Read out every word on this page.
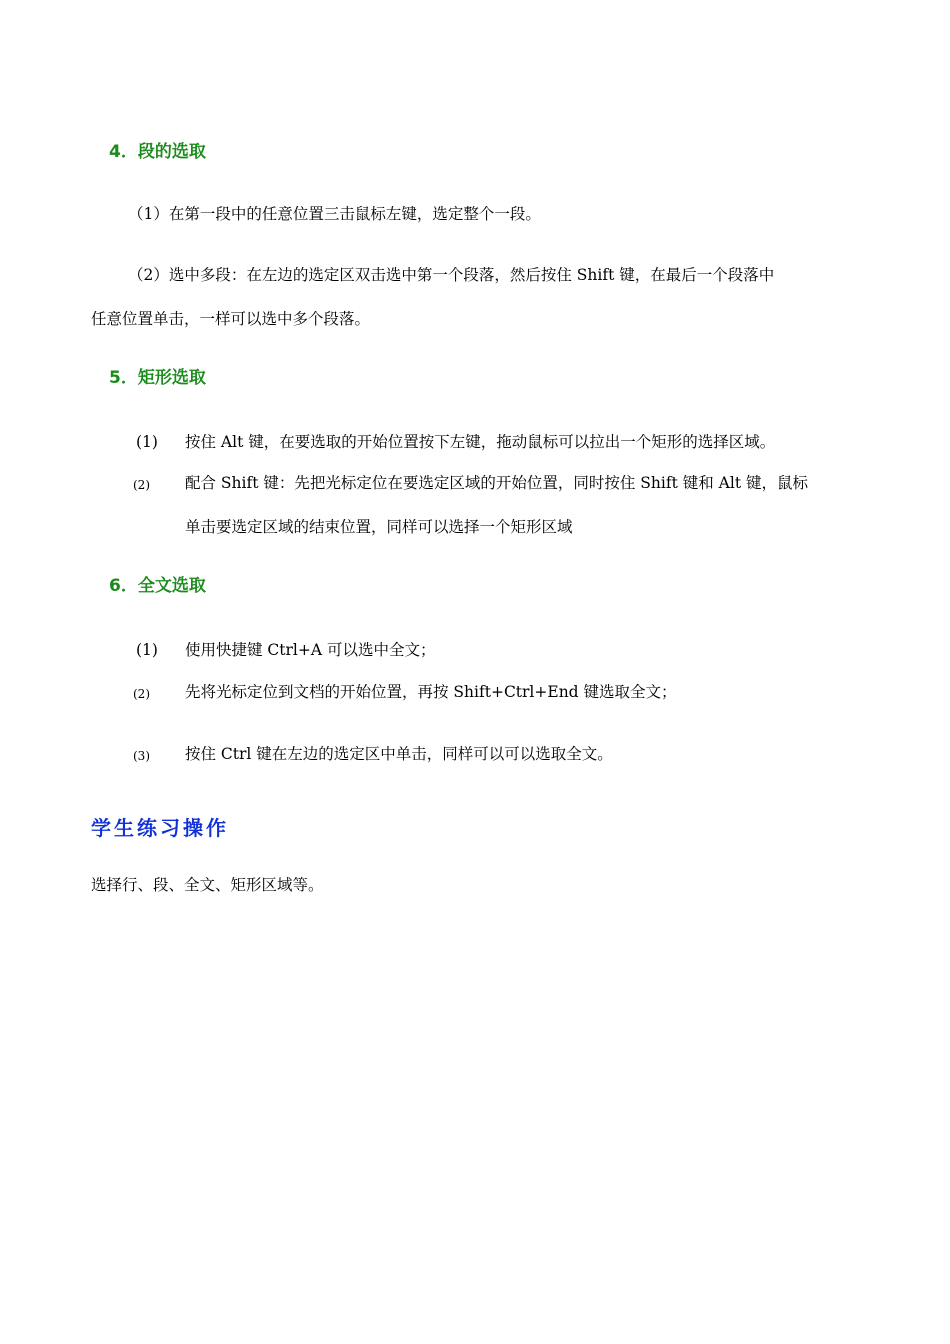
4．段的选取
（1）在第一段中的任意位置三击鼠标左键，选定整个一段。
（2）选中多段：在左边的选定区双击选中第一个段落，然后按住 Shift 键，在最后一个段落中
任意位置单击，一样可以选中多个段落。
5．矩形选取
(1) 按住 Alt 键，在要选取的开始位置按下左键，拖动鼠标可以拉出一个矩形的选择区域。
(2) 配合 Shift 键：先把光标定位在要选定区域的开始位置，同时按住 Shift 键和 Alt 键，鼠标
单击要选定区域的结束位置，同样可以选择一个矩形区域
6．全文选取
(1) 使用快捷键 Ctrl+A 可以选中全文；
(2) 先将光标定位到文档的开始位置，再按 Shift+Ctrl+End 键选取全文；
(3) 按住 Ctrl 键在左边的选定区中单击，同样可以可以选取全文。
学生练习操作
选择行、段、全文、矩形区域等。
